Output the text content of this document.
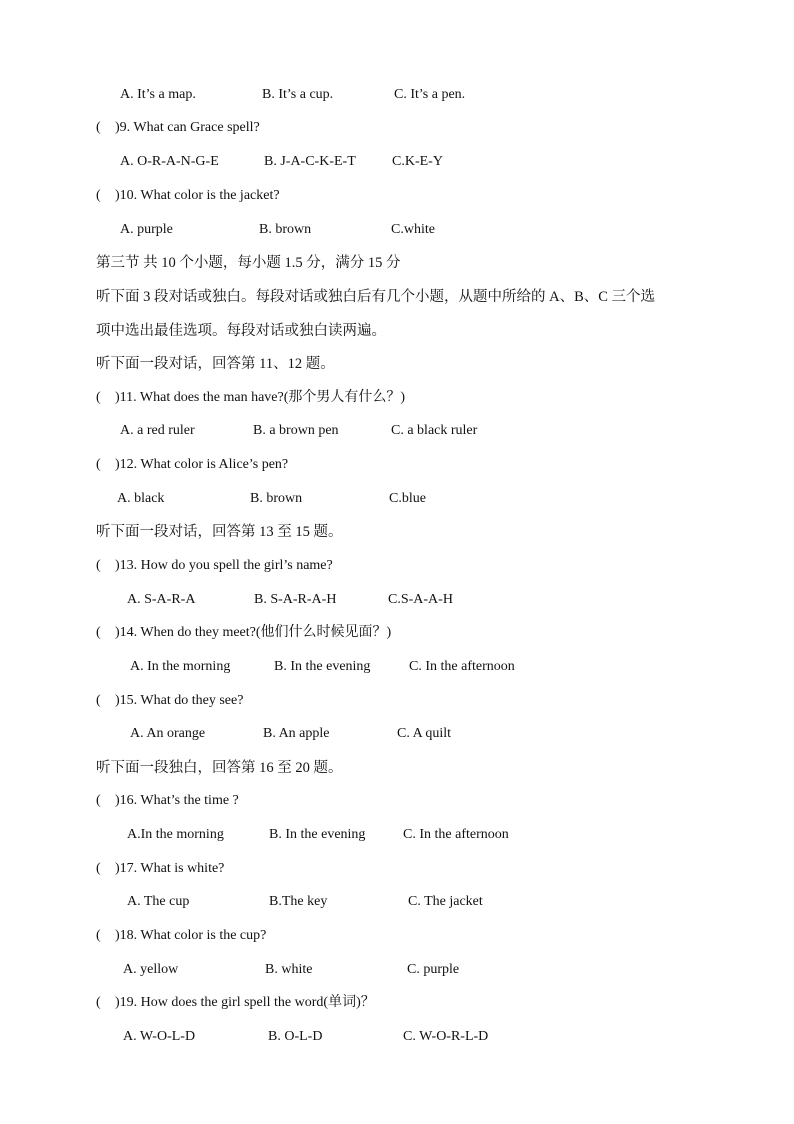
A. It’s a map.	B. It’s a cup.	C. It’s a pen.
( )9. What can Grace spell?
A. O-R-A-N-G-E	B. J-A-C-K-E-T	C.K-E-Y
( )10. What color is the jacket?
A. purple	B. brown	C.white
第三节 共 10 个小题，每小题 1.5 分，满分 15 分
听下面 3 段对话或独白。每段对话或独白后有几个小题，从题中所给的 A、B、C 三个选
项中选出最佳选项。每段对话或独白读两遍。
听下面一段对话，回答第 11、12 题。
( )11. What does the man have?(那个男人有什么？)
A. a red ruler	B. a brown pen	C. a black ruler
( )12. What color is Alice’s pen?
A. black	B. brown	C.blue
听下面一段对话，回答第 13 至 15 题。
( )13. How do you spell the girl’s name?
A. S-A-R-A	B. S-A-R-A-H	C.S-A-A-H
( )14. When do they meet?(他们什么时候见面？)
A. In the morning	B. In the evening	C. In the afternoon
( )15. What do they see?
A. An orange	B. An apple	C. A quilt
听下面一段独白，回答第 16 至 20 题。
( )16. What’s the time ?
A.In the morning	B. In the evening	C. In the afternoon
( )17. What is white?
A. The cup	B.The key	C. The jacket
( )18. What color is the cup?
A. yellow	B. white	C. purple
( )19. How does the girl spell the word(单词)？
A. W-O-L-D	B. O-L-D	C. W-O-R-L-D
